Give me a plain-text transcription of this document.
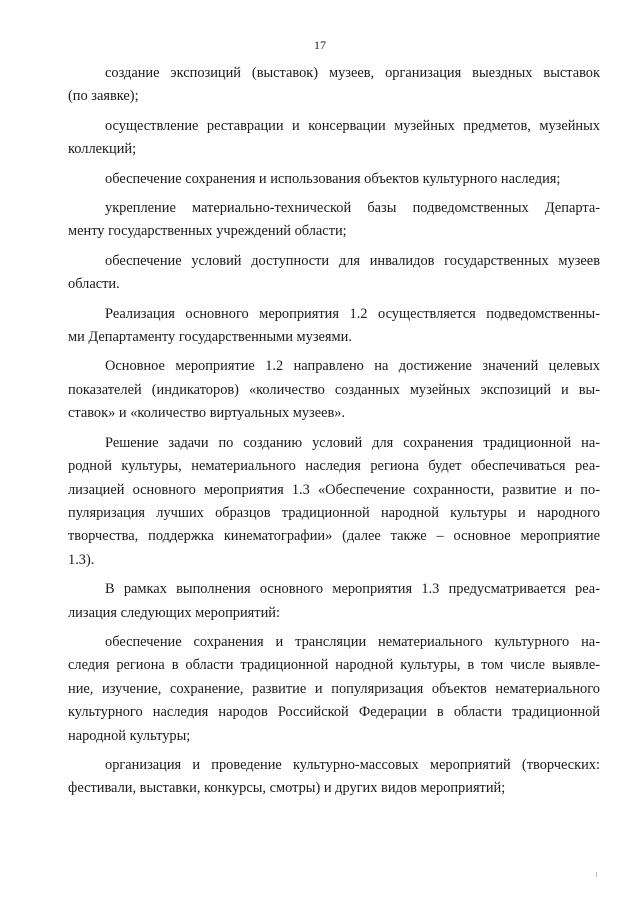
17
создание экспозиций (выставок) музеев, организация выездных выставок
(по заявке);
осуществление реставрации и консервации музейных предметов, музейных
коллекций;
обеспечение сохранения и использования объектов культурного наследия;
укрепление материально-технической базы подведомственных Департа-
менту государственных учреждений области;
обеспечение условий доступности для инвалидов государственных музеев
области.
Реализация основного мероприятия 1.2 осуществляется подведомственны-
ми Департаменту государственными музеями.
Основное мероприятие 1.2 направлено на достижение значений целевых
показателей (индикаторов) «количество созданных музейных экспозиций и вы-
ставок» и «количество виртуальных музеев».
Решение задачи по созданию условий для сохранения традиционной на-
родной культуры, нематериального наследия региона будет обеспечиваться реа-
лизацией основного мероприятия 1.3 «Обеспечение сохранности, развитие и по-
пуляризация лучших образцов традиционной народной культуры и народного
творчества, поддержка кинематографии» (далее также – основное мероприятие
1.3).
В рамках выполнения основного мероприятия 1.3 предусматривается реа-
лизация следующих мероприятий:
обеспечение сохранения и трансляции нематериального культурного на-
следия региона в области традиционной народной культуры, в том числе выявле-
ние, изучение, сохранение, развитие и популяризация объектов нематериального
культурного наследия народов Российской Федерации в области традиционной
народной культуры;
организация и проведение культурно-массовых мероприятий (творческих:
фестивали, выставки, конкурсы, смотры) и других видов мероприятий;
